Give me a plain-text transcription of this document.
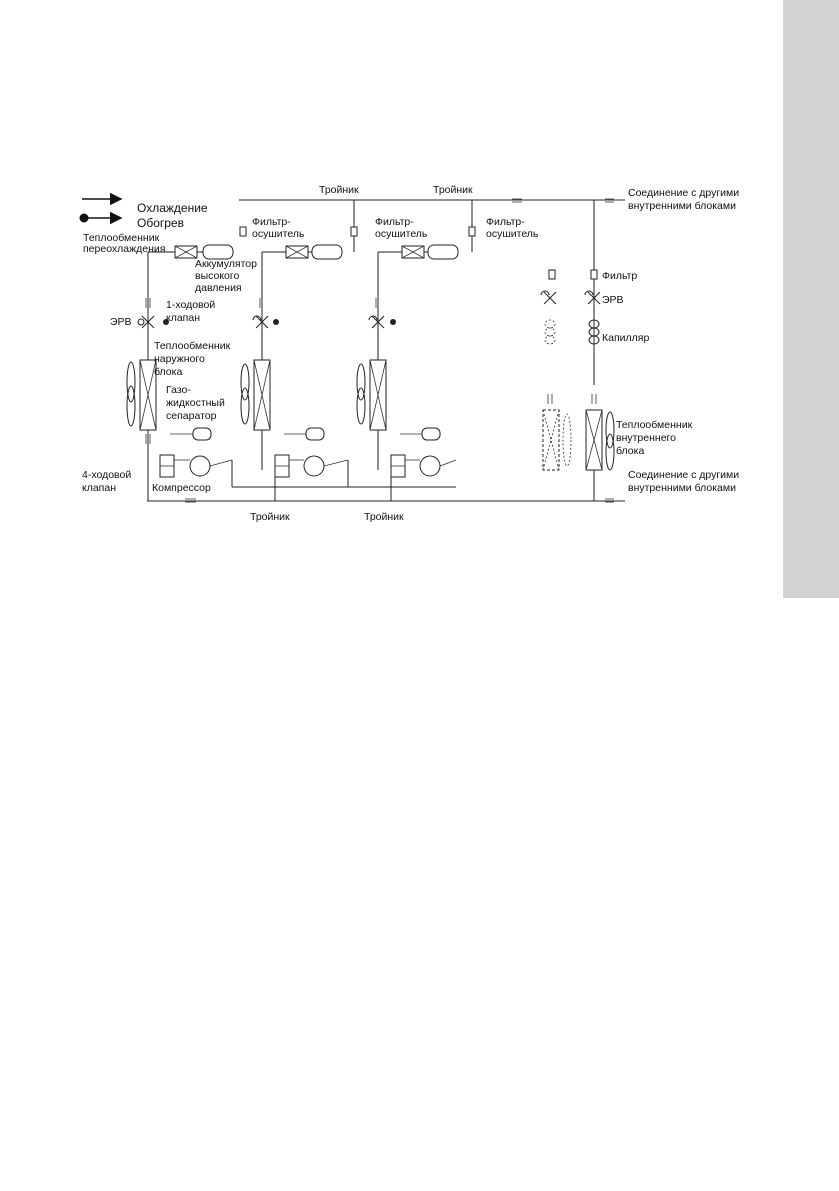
Охлаждение
Обогрев
Тройник	Тройник
Тройник	Тройник
Соединение с другими
внутренними блоками
Соединение с другими
внутренними блоками
Теплообменник
переохлаждения
Фильтр-
осушитель
Фильтр-
осушитель
Фильтр-
осушитель
Аккумулятор
высокого
давления
1-ходовой
клапан
ЭРВ
Теплообменник
наружного
блока
Газо-
жидкостный
сепаратор
4-ходовой
клапан	Компрессор
Фильтр
ЭРВ
Капилляр
Теплообменник
внутреннего
блока
